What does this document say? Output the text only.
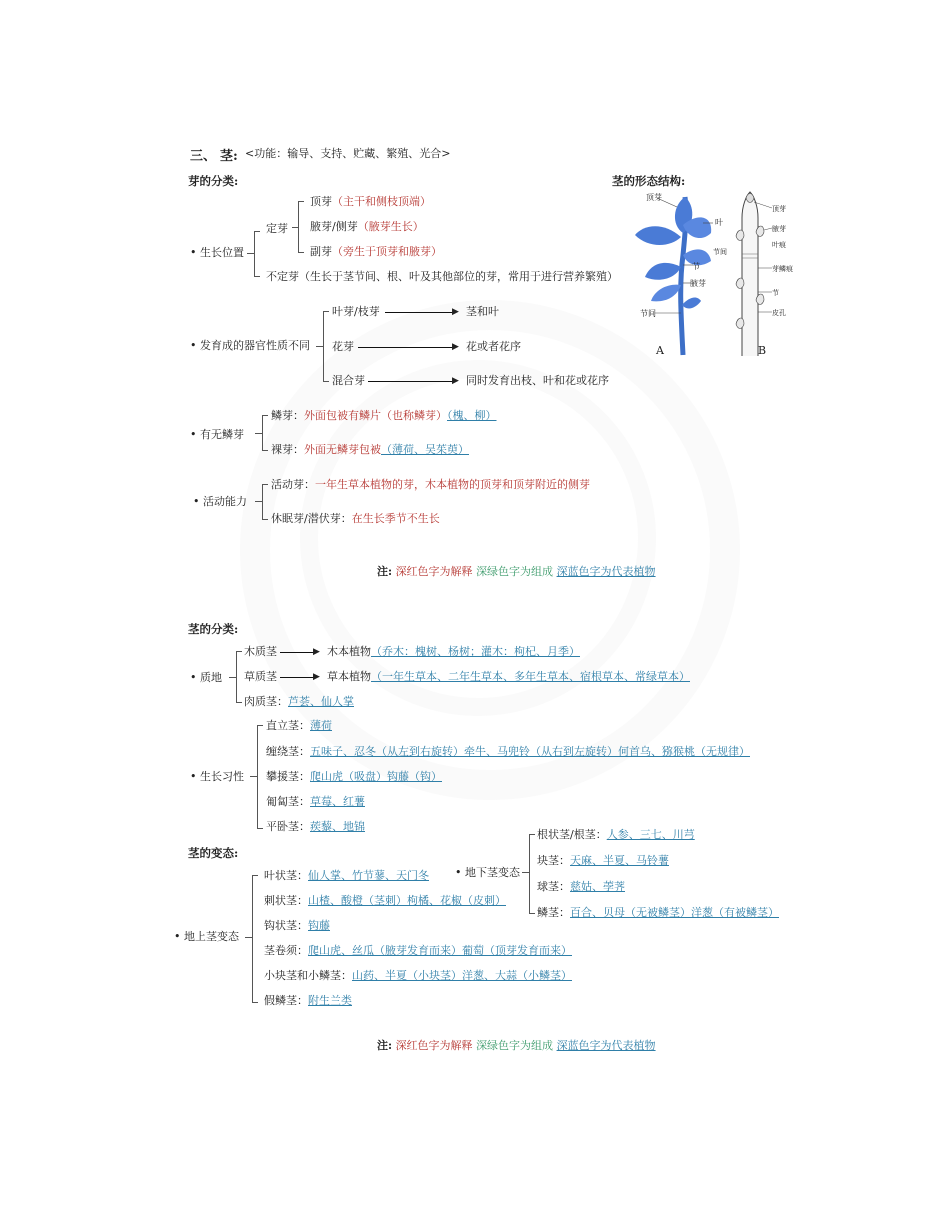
三、 茎: <功能：输导、支持、贮藏、繁殖、光合>
芽的分类:
• 生长位置
定芽
顶芽（主干和侧枝顶端）
腋芽/侧芽（腋芽生长）
副芽（旁生于顶芽和腋芽）
不定芽（生长于茎节间、根、叶及其他部位的芽，常用于进行营养繁殖）
• 发育成的器官性质不同
叶芽/枝芽	▶ 茎和叶
花芽	▶ 花或者花序
混合芽	▶ 同时发育出枝、叶和花或花序
• 有无鳞芽
鳞芽：外面包被有鳞片（也称鳞芽）（槐、柳）
裸芽：外面无鳞芽包被（薄荷、吴茱萸）
• 活动能力
活动芽：一年生草本植物的芽，木本植物的顶芽和顶芽附近的侧芽
休眠芽/潜伏芽：在生长季节不生长
茎的形态结构:
顶芽
叶
节
腋芽
节间
A
顶芽
腋芽
叶痕
节间
芽鳞痕
节
皮孔
B
注: 深红色字为解释 深绿色字为组成 深蓝色字为代表植物
茎的分类:
• 质地
木质茎	▶ 木本植物（乔木：槐树、杨树；灌木：枸杞、月季）
草质茎	▶ 草本植物（一年生草本、二年生草本、多年生草本、宿根草本、常绿草本）
肉质茎：芦荟、仙人掌
• 生长习性
直立茎：薄荷
缠绕茎：五味子、忍冬（从左到右旋转）牵牛、马兜铃（从右到左旋转）何首乌、猕猴桃（无规律）
攀援茎：爬山虎（吸盘）钩藤（钩）
匍匐茎：草莓、红薯
平卧茎：蒺藜、地锦
茎的变态:
• 地上茎变态
叶状茎：仙人掌、竹节蓼、天门冬
刺状茎：山楂、酸橙（茎刺）枸橘、花椒（皮刺）
钩状茎：钩藤
茎卷须：爬山虎、丝瓜（腋芽发育而来）葡萄（顶芽发育而来）
小块茎和小鳞茎：山药、半夏（小块茎）洋葱、大蒜（小鳞茎）
假鳞茎：附生兰类
• 地下茎变态
根状茎/根茎：人参、三七、川芎
块茎：天麻、半夏、马铃薯
球茎：慈姑、荸荠
鳞茎：百合、贝母（无被鳞茎）洋葱（有被鳞茎）
注: 深红色字为解释 深绿色字为组成 深蓝色字为代表植物
